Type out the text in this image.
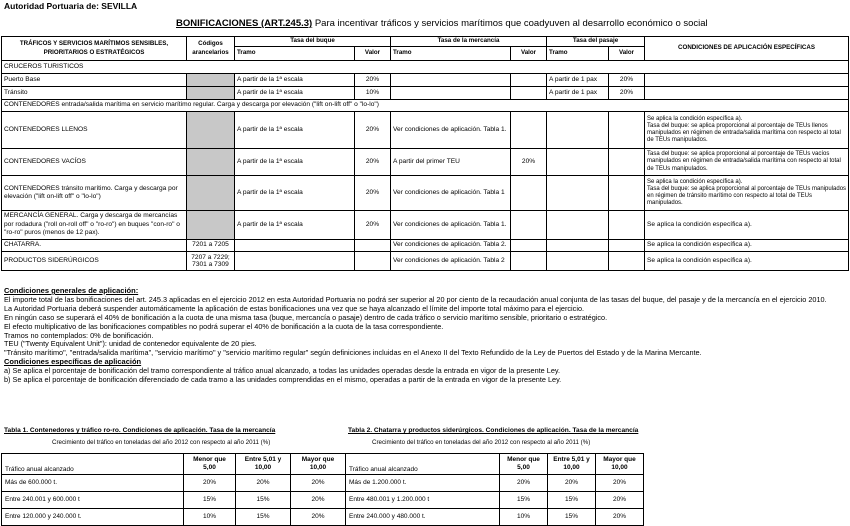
Autoridad Portuaria de: SEVILLA
BONIFICACIONES (ART.245.3) Para incentivar tráficos y servicios marítimos que coadyuven al desarrollo económico o social
TRÁFICOS Y SERVICIOS MARÍTIMOS SENSIBLES, PRIORITARIOS O ESTRATÉGICOS	Códigos arancelarios	Tasa del buque		Tasa de la mercancía		Tasa del pasaje		CONDICIONES DE APLICACIÓN ESPECÍFICAS
		Tramo	Valor	Tramo	Valor	Tramo	Valor	
CRUCEROS TURISTICOS								
Puerto Base		A partir de la 1ª escala	20%			A partir de 1 pax	20%	
Tránsito		A partir de la 1ª escala	10%			A partir de 1 pax	20%	
CONTENEDORES entrada/salida marítima en servicio marítimo regular. Carga y descarga por elevación ("lift on-lift off" o "lo-lo")								
CONTENEDORES LLENOS		A partir de la 1ª escala	20%	Ver condiciones de aplicación. Tabla 1.				Se aplica la condición específica a).
Tasa del buque: se aplica proporcional al porcentaje de TEUs llenos manipulados en régimen de entrada/salida marítima con respecto al total de TEUs manipulados.
CONTENEDORES VACÍOS		A partir de la 1ª escala	20%	A partir del primer TEU	20%			Tasa del buque: se aplica proporcional al porcentaje de TEUs vacíos manipulados en régimen de entrada/salida marítima con respecto al total de TEUs manipulados.
CONTENEDORES tránsito marítimo. Carga y descarga por elevación ("lift on-lift off" o "lo-lo")		A partir de la 1ª escala	20%	Ver condiciones de aplicación. Tabla 1				Se aplica la condición específica a).
Tasa del buque: se aplica proporcional al porcentaje de TEUs manipulados en régimen de tránsito marítimo con respecto al total de TEUs manipulados.
MERCANCÍA GENERAL. Carga y descarga de mercancías por rodadura ("roll on-roll off" o "ro-ro") en buques "con-ro" o "ro-ro" puros (menos de 12 pax).		A partir de la 1ª escala	20%	Ver condiciones de aplicación. Tabla 1.				Se aplica la condición específica a).
CHATARRA.	7201 a 7205			Ver condiciones de aplicación. Tabla 2.				Se aplica la condición específica a).
PRODUCTOS SIDERÚRGICOS	7207 a 7229;
7301 a 7309			Ver condiciones de aplicación. Tabla 2				Se aplica la condición específica a).
Condiciones generales de aplicación:
El importe total de las bonificaciones del art. 245.3 aplicadas en el ejercicio 2012 en esta Autoridad Portuaria no podrá ser superior al 20 por ciento de la recaudación anual conjunta de las tasas del buque, del pasaje y de la mercancía en el ejercicio 2010.
La Autoridad Portuaria deberá suspender automáticamente la aplicación de estas bonificaciones una vez que se haya alcanzado el límite del importe total máximo para el ejercicio.
En ningún caso se superará el 40% de bonificación a la cuota de una misma tasa (buque, mercancía o pasaje) dentro de cada tráfico o servicio marítimo sensible, prioritario o estratégico.
El efecto multiplicativo de las bonificaciones compatibles no podrá superar el 40% de bonificación a la cuota de la tasa correspondiente.
Tramos no contemplados: 0% de bonificación.
TEU ("Twenty Equivalent Unit"): unidad de contenedor equivalente de 20 pies.
"Tránsito marítimo", "entrada/salida marítima", "servicio marítimo" y "servicio marítimo regular" según definiciones incluidas en el Anexo II del Texto Refundido de la Ley de Puertos del Estado y de la Marina Mercante.
Condiciones específicas de aplicación
a) Se aplica el porcentaje de bonificación del tramo correspondiente al tráfico anual alcanzado, a todas las unidades operadas desde la entrada en vigor de la presente Ley.
b) Se aplica el porcentaje de bonificación diferenciado de cada tramo a las unidades comprendidas en el mismo, operadas a partir de la entrada en vigor de la presente Ley.
Tabla 1. Contenedores y tráfico ro-ro. Condiciones de aplicación. Tasa de la mercancía
Crecimiento del tráfico en toneladas del año 2012 con respecto al año 2011 (%)
Tráfico anual alcanzado	Menor que 5,00	Entre 5,01 y 10,00	Mayor que 10,00
Más de 600.000 t.	20%	20%	20%
Entre 240.001 y 600.000 t	15%	15%	20%
Entre 120.000 y 240.000 t.	10%	15%	20%
Tabla 2. Chatarra y productos siderúrgicos. Condiciones de aplicación. Tasa de la mercancía
Crecimiento del tráfico en toneladas del año 2012 con respecto al año 2011 (%)
Tráfico anual alcanzado	Menor que 5,00	Entre 5,01 y 10,00	Mayor que 10,00
Más de 1.200.000 t.	20%	20%	20%
Entre 480.001 y 1.200.000 t	15%	15%	20%
Entre 240.000 y 480.000 t.	10%	15%	20%
